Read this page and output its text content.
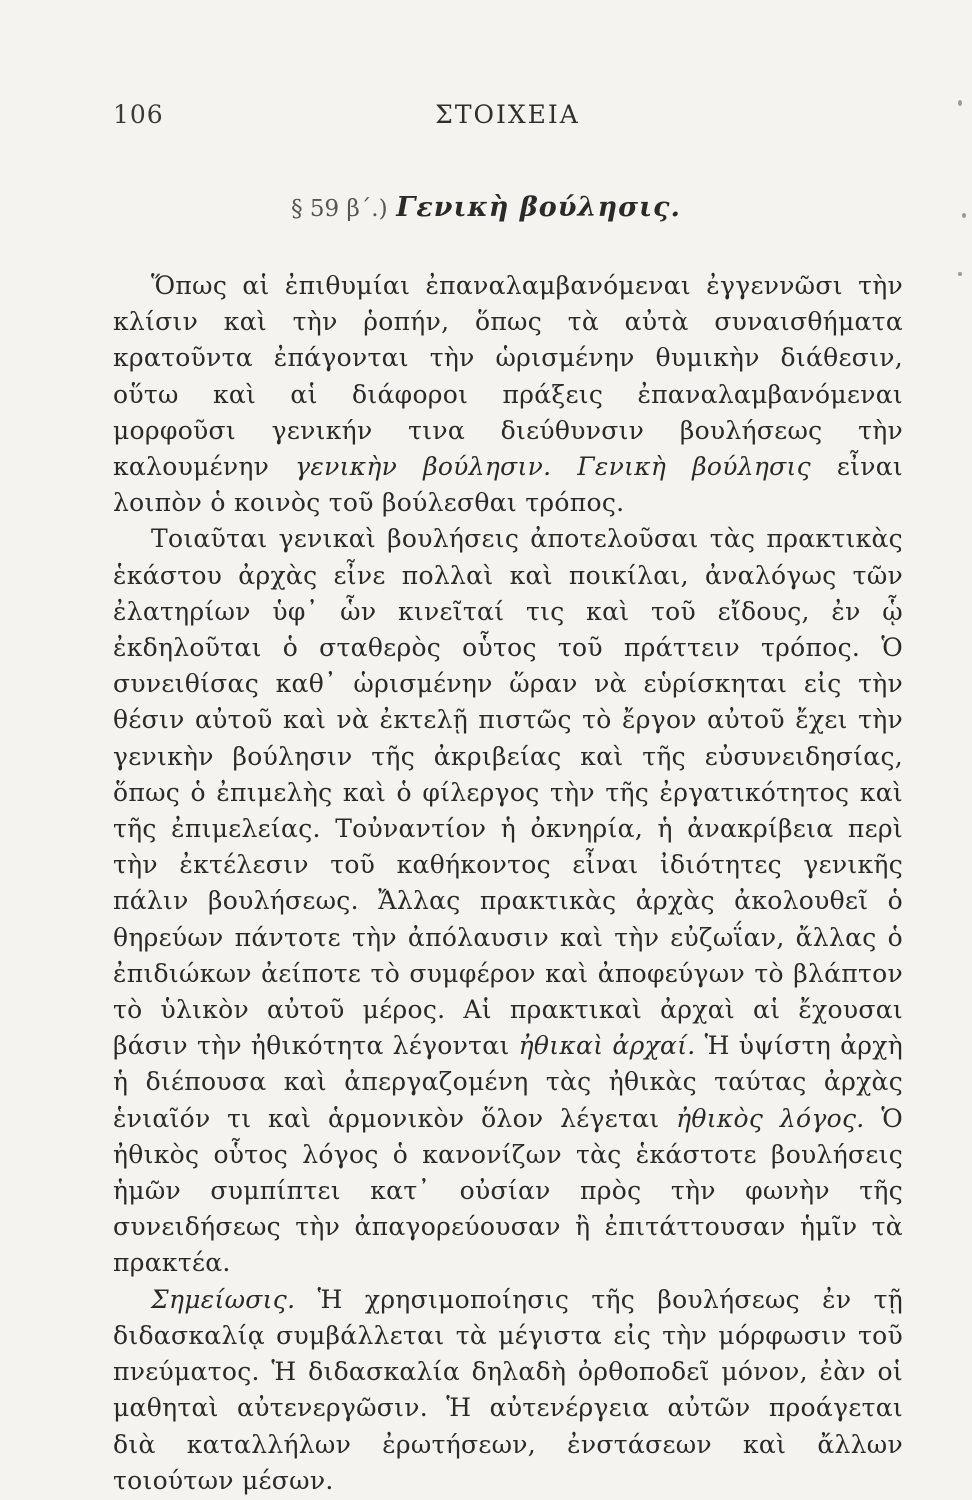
106	ΣΤΟΙΧΕΙΑ
§ 59 β΄.) Γενικὴ βούλησις.

Ὅπως αἱ ἐπιθυμίαι ἐπαναλαμβανόμεναι ἐγγεννῶσι τὴν κλίσιν καὶ τὴν ῥοπήν, ὅπως τὰ αὐτὰ συναισθήματα κρατοῦντα ἐπάγονται τὴν ὡρισμένην θυμικὴν διάθεσιν, οὕτω καὶ αἱ διάφοροι πράξεις ἐπαναλαμβανόμεναι μορφοῦσι γενικήν τινα διεύθυνσιν βουλήσεως τὴν καλουμένην γενικὴν βούλησιν. Γενικὴ βούλησις εἶναι λοιπὸν ὁ κοινὸς τοῦ βούλεσθαι τρόπος.

Τοιαῦται γενικαὶ βουλήσεις ἀποτελοῦσαι τὰς πρακτικὰς ἑκάστου ἀρχὰς εἶνε πολλαὶ καὶ ποικίλαι, ἀναλόγως τῶν ἐλατηρίων ὑφ᾽ ὧν κινεῖταί τις καὶ τοῦ εἴδους, ἐν ᾧ ἐκδηλοῦται ὁ σταθερὸς οὗτος τοῦ πράττειν τρόπος. Ὁ συνειθίσας καθ᾽ ὡρισμένην ὥραν νὰ εὑρίσκηται εἰς τὴν θέσιν αὐτοῦ καὶ νὰ ἐκτελῇ πιστῶς τὸ ἔργον αὐτοῦ ἔχει τὴν γενικὴν βούλησιν τῆς ἀκριβείας καὶ τῆς εὐσυνειδησίας, ὅπως ὁ ἐπιμελὴς καὶ ὁ φίλεργος τὴν τῆς ἐργατικότητος καὶ τῆς ἐπιμελείας. Τοὐναντίον ἡ ὀκνηρία, ἡ ἀνακρίβεια περὶ τὴν ἐκτέλεσιν τοῦ καθήκοντος εἶναι ἰδιότητες γενικῆς πάλιν βουλήσεως. Ἄλλας πρακτικὰς ἀρχὰς ἀκολουθεῖ ὁ θηρεύων πάντοτε τὴν ἀπόλαυσιν καὶ τὴν εὐζωΐαν, ἄλλας ὁ ἐπιδιώκων ἀείποτε τὸ συμφέρον καὶ ἀποφεύγων τὸ βλάπτον τὸ ὑλικὸν αὐτοῦ μέρος. Αἱ πρακτικαὶ ἀρχαὶ αἱ ἔχουσαι βάσιν τὴν ἠθικότητα λέγονται ἠθικαὶ ἀρχαί. Ἡ ὑψίστη ἀρχὴ ἡ διέπουσα καὶ ἀπεργαζομένη τὰς ἠθικὰς ταύτας ἀρχὰς ἑνιαῖόν τι καὶ ἁρμονικὸν ὅλον λέγεται ἠθικὸς λόγος. Ὁ ἠθικὸς οὗτος λόγος ὁ κανονίζων τὰς ἑκάστοτε βουλήσεις ἡμῶν συμπίπτει κατ᾽ οὐσίαν πρὸς τὴν φωνὴν τῆς συνειδήσεως τὴν ἀπαγορεύουσαν ἢ ἐπιτάττουσαν ἡμῖν τὰ πρακτέα.

Σημείωσις. Ἡ χρησιμοποίησις τῆς βουλήσεως ἐν τῇ διδασκαλίᾳ συμβάλλεται τὰ μέγιστα εἰς τὴν μόρφωσιν τοῦ πνεύματος. Ἡ διδασκαλία δηλαδὴ ὀρθοποδεῖ μόνον, ἐὰν οἱ μαθηταὶ αὐτενεργῶσιν. Ἡ αὐτενέργεια αὐτῶν προάγεται διὰ καταλλήλων ἐρωτήσεων, ἐνστάσεων καὶ ἄλλων τοιούτων μέσων.
